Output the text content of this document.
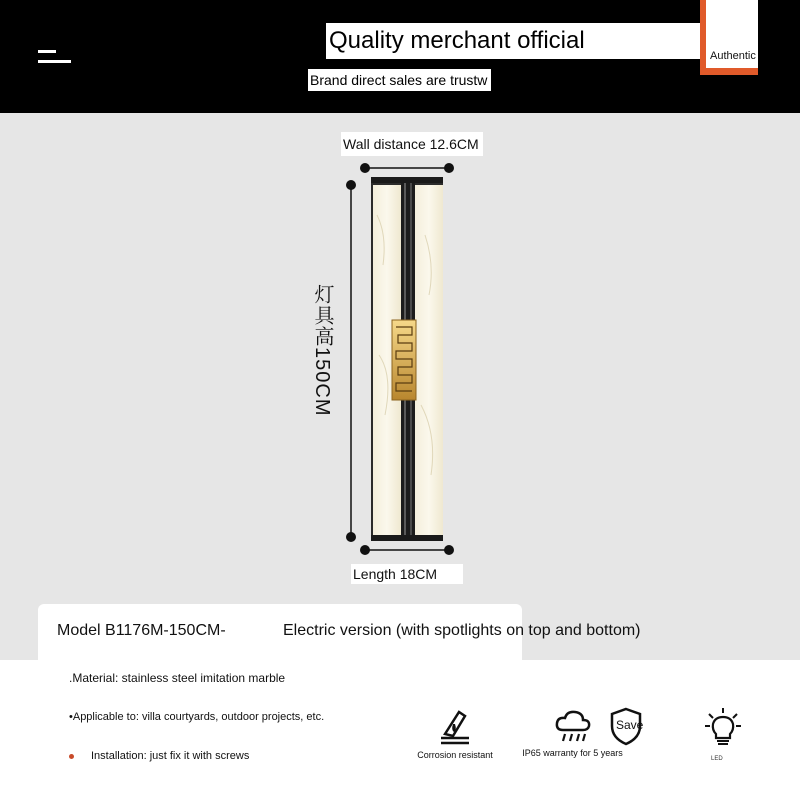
Quality merchant official
Brand direct sales are trustw
Authentic
Wall distance 12.6CM
灯具高150CM
Length 18CM
Model B1176M-150CM-	Electric version (with spotlights on top and bottom)
.Material: stainless steel imitation marble
•Applicable to: villa courtyards, outdoor projects, etc.
Installation: just fix it with screws	Corrosion resistant	IP65 warranty for 5 years
Save
LED
